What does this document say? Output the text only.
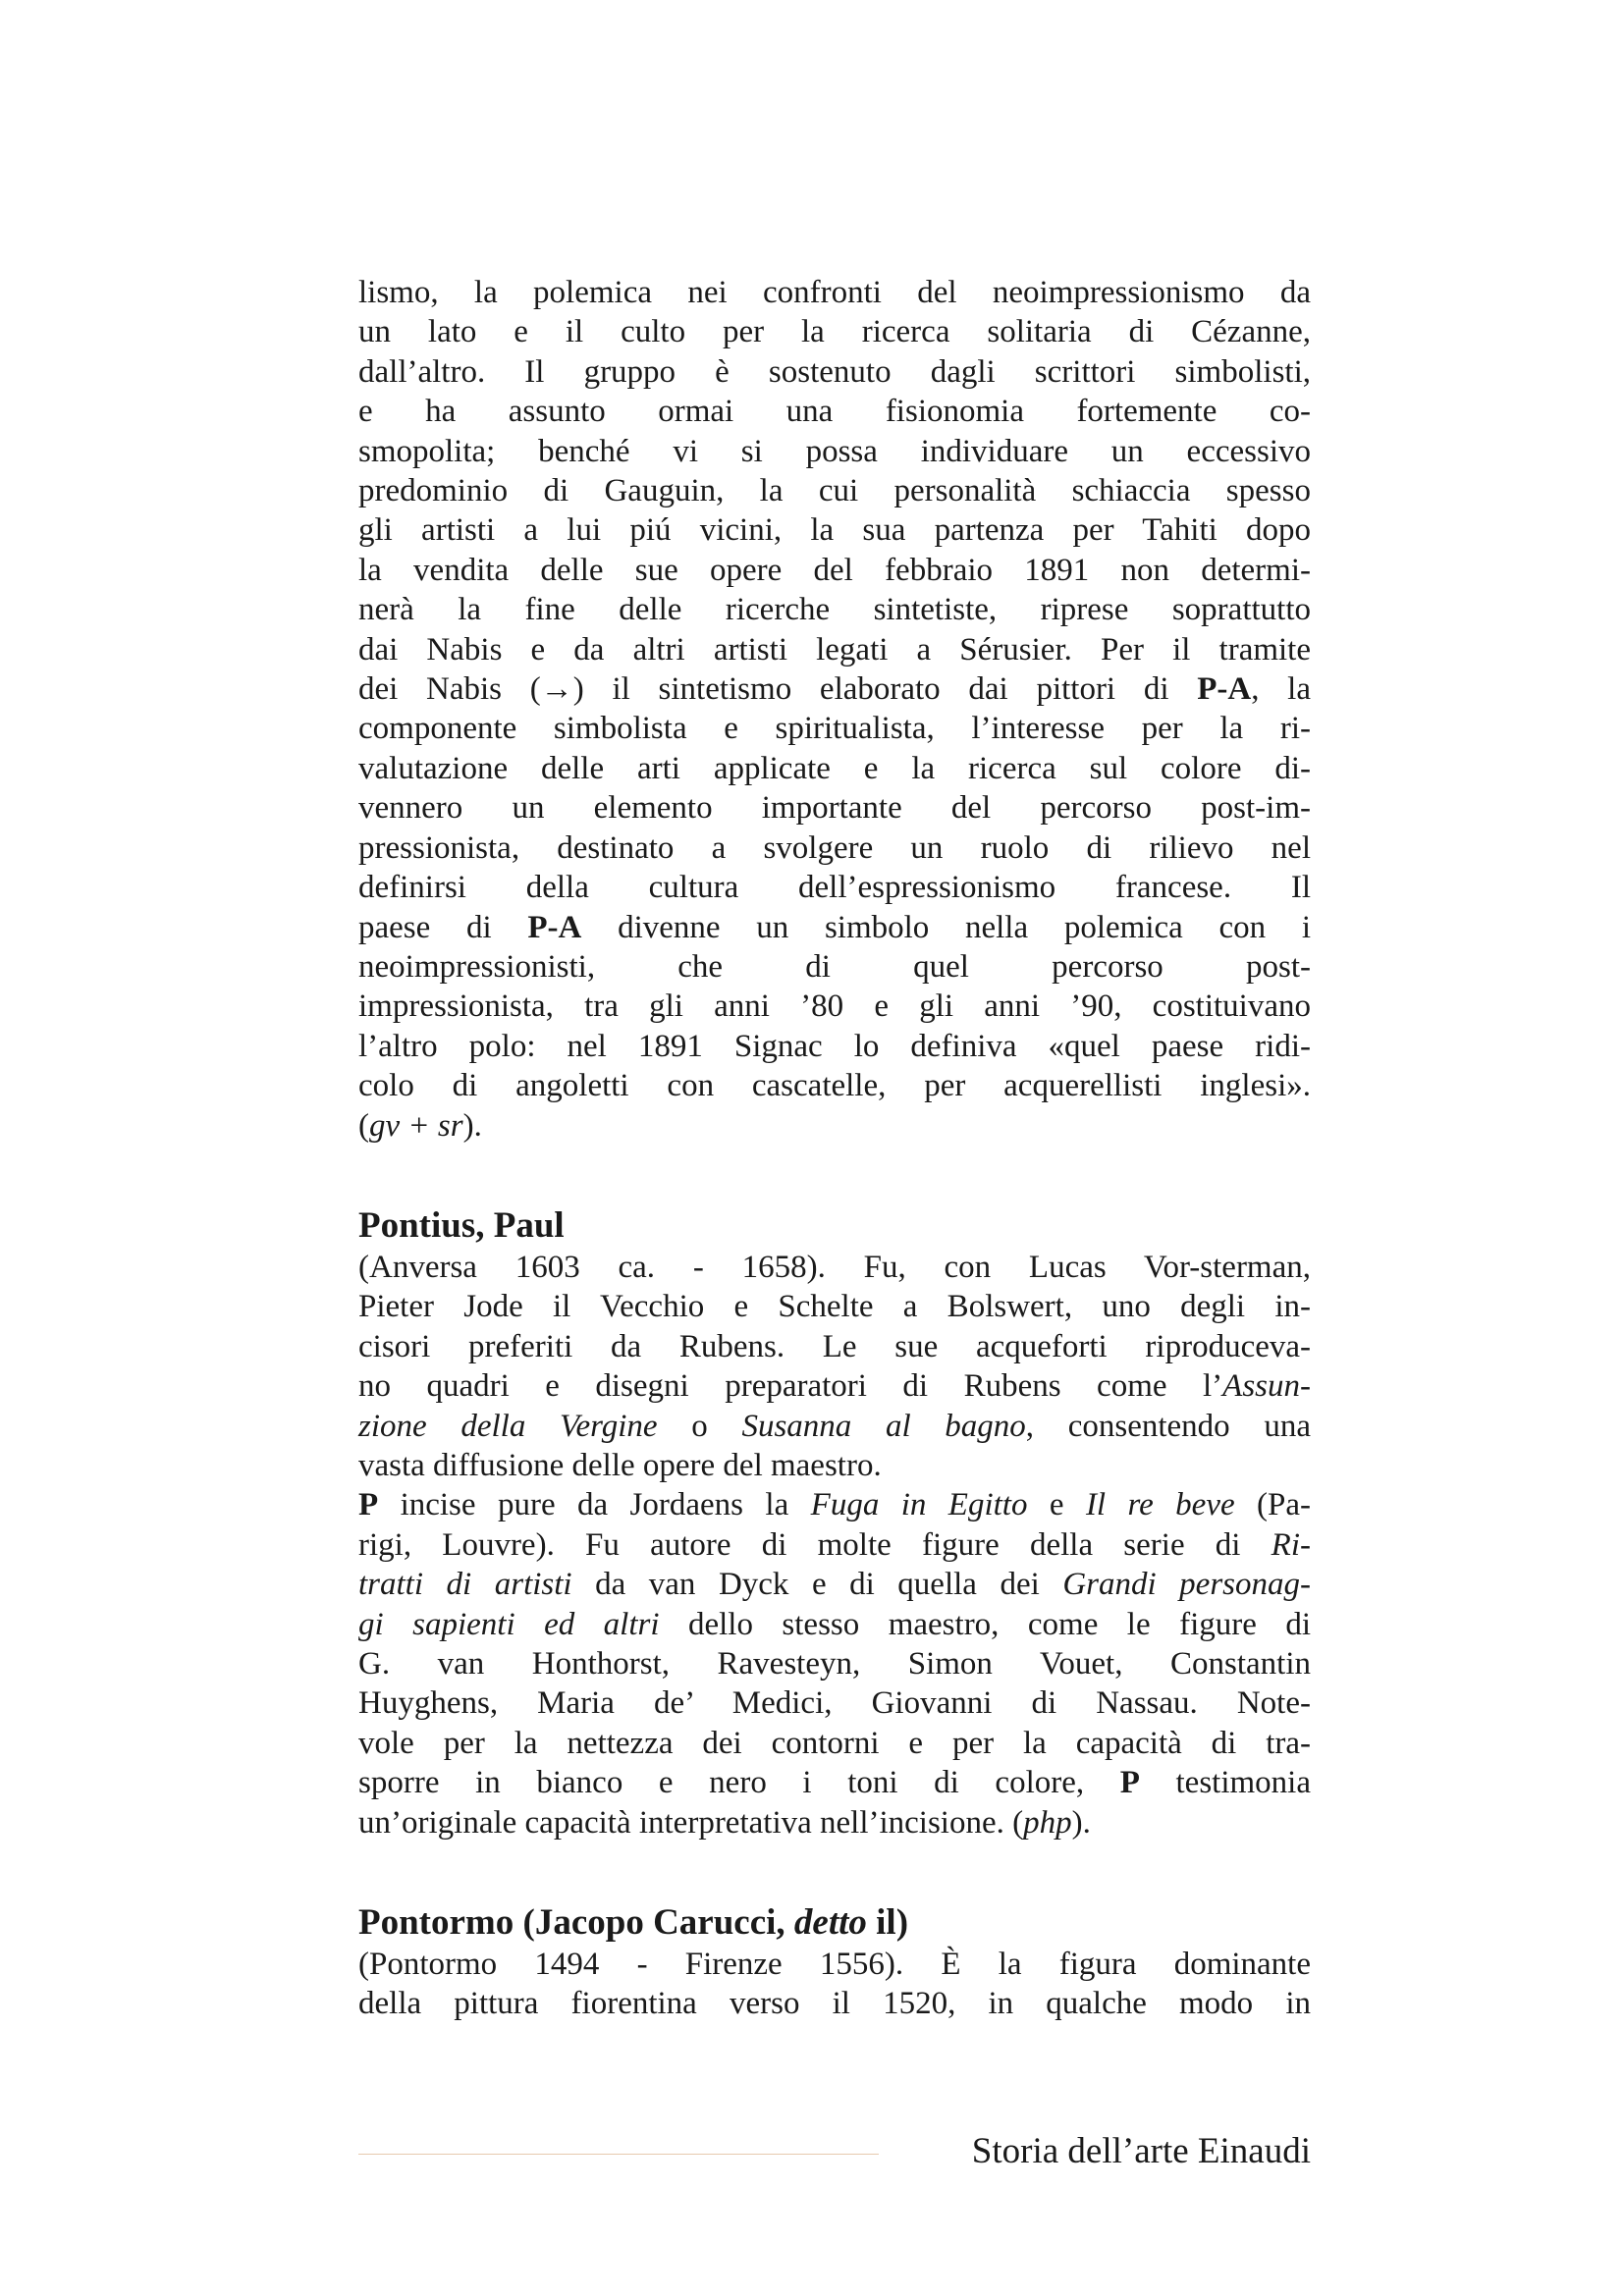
lismo, la polemica nei confronti del neoimpressionismo da
un lato e il culto per la ricerca solitaria di Cézanne,
dall’altro. Il gruppo è sostenuto dagli scrittori simbolisti,
e ha assunto ormai una fisionomia fortemente co-
smopolita; benché vi si possa individuare un eccessivo
predominio di Gauguin, la cui personalità schiaccia spesso
gli artisti a lui piú vicini, la sua partenza per Tahiti dopo
la vendita delle sue opere del febbraio 1891 non determi-
nerà la fine delle ricerche sintetiste, riprese soprattutto
dai Nabis e da altri artisti legati a Sérusier. Per il tramite
dei Nabis (→) il sintetismo elaborato dai pittori di P-A, la
componente simbolista e spiritualista, l’interesse per la ri-
valutazione delle arti applicate e la ricerca sul colore di-
vennero un elemento importante del percorso post-im-
pressionista, destinato a svolgere un ruolo di rilievo nel
definirsi della cultura dell’espressionismo francese. Il
paese di P-A divenne un simbolo nella polemica con i
neoimpressionisti, che di quel percorso post-
impressionista, tra gli anni ’80 e gli anni ’90, costituivano
l’altro polo: nel 1891 Signac lo definiva «quel paese ridi-
colo di angoletti con cascatelle, per acquerellisti inglesi».
(gv + sr).
Pontius, Paul
(Anversa 1603 ca. - 1658). Fu, con Lucas Vor-sterman,
Pieter Jode il Vecchio e Schelte a Bolswert, uno degli in-
cisori preferiti da Rubens. Le sue acqueforti riproduceva-
no quadri e disegni preparatori di Rubens come l’Assun-
zione della Vergine o Susanna al bagno, consentendo una
vasta diffusione delle opere del maestro.
P incise pure da Jordaens la Fuga in Egitto e Il re beve (Pa-
rigi, Louvre). Fu autore di molte figure della serie di Ri-
tratti di artisti da van Dyck e di quella dei Grandi personag-
gi sapienti ed altri dello stesso maestro, come le figure di
G. van Honthorst, Ravesteyn, Simon Vouet, Constantin
Huyghens, Maria de’ Medici, Giovanni di Nassau. Note-
vole per la nettezza dei contorni e per la capacità di tra-
sporre in bianco e nero i toni di colore, P testimonia
un’originale capacità interpretativa nell’incisione. (php).
Pontormo (Jacopo Carucci, detto il)
(Pontormo 1494 - Firenze 1556). È la figura dominante
della pittura fiorentina verso il 1520, in qualche modo in
Storia dell’arte Einaudi
